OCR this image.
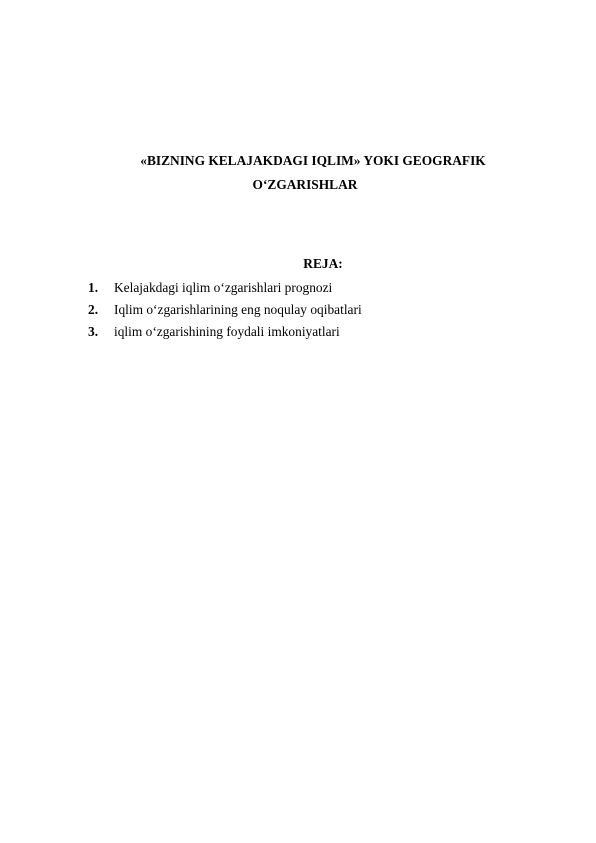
«BIZNING KELAJAKDAGI IQLIM» YOKI GEOGRAFIK
O‘ZGARISHLAR
REJA:
1.	Kelajakdagi iqlim o‘zgarishlari prognozi
2.	Iqlim o‘zgarishlarining eng noqulay oqibatlari
3.	iqlim o‘zgarishining foydali imkoniyatlari
